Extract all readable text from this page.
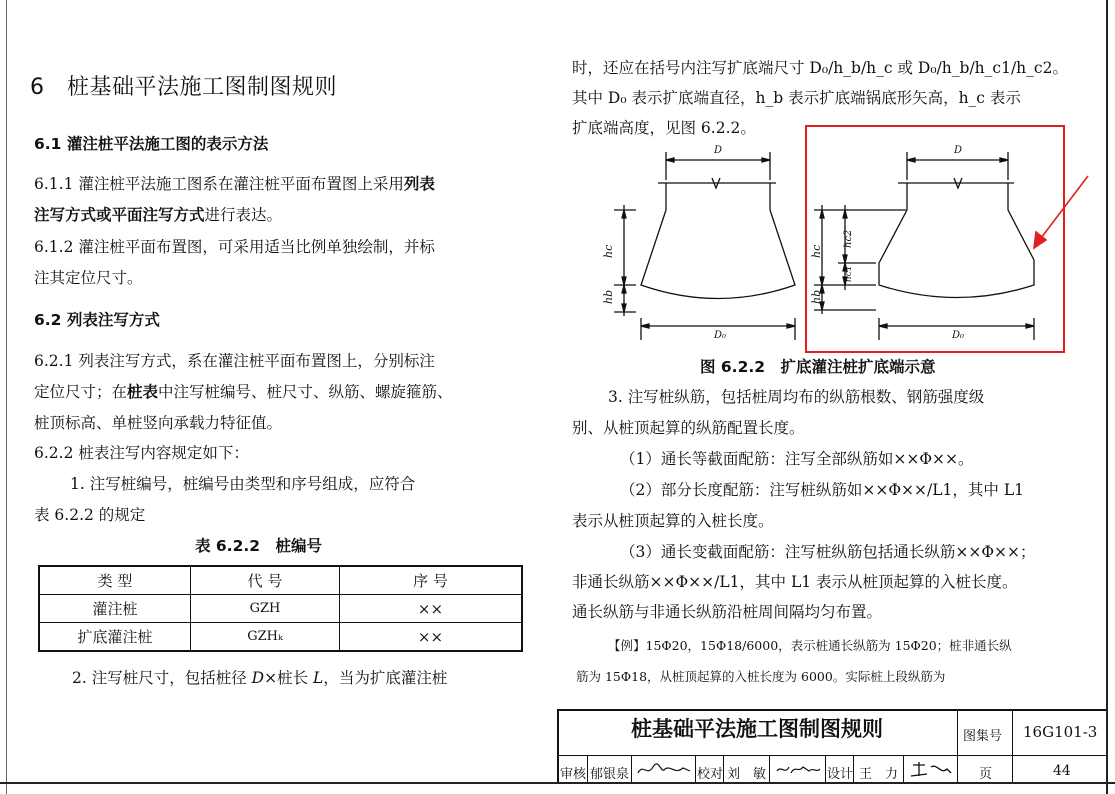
6　桩基础平法施工图制图规则
6.1 灌注桩平法施工图的表示方法
6.1.1 灌注桩平法施工图系在灌注桩平面布置图上采用列表
注写方式或平面注写方式进行表达。
6.1.2 灌注桩平面布置图，可采用适当比例单独绘制，并标
注其定位尺寸。
6.2 列表注写方式
6.2.1 列表注写方式，系在灌注桩平面布置图上，分别标注
定位尺寸；在桩表中注写桩编号、桩尺寸、纵筋、螺旋箍筋、
桩顶标高、单桩竖向承载力特征值。
6.2.2 桩表注写内容规定如下：
1. 注写桩编号，桩编号由类型和序号组成，应符合
表 6.2.2 的规定
表 6.2.2　桩编号
类 型	代 号	序 号
灌注桩	GZH	××
扩底灌注桩	GZHₖ	××
2. 注写桩尺寸，包括桩径 D×桩长 L，当为扩底灌注桩
时，还应在括号内注写扩底端尺寸 D₀/h_b/h_c 或 D₀/h_b/h_c1/h_c2。
其中 D₀ 表示扩底端直径，h_b 表示扩底端锅底形矢高，h_c 表示
扩底端高度，见图 6.2.2。
D	D
D₀	D₀
hc
hb
hc
hb
hc2
hc1
图 6.2.2　扩底灌注桩扩底端示意
3. 注写桩纵筋，包括桩周均布的纵筋根数、钢筋强度级
别、从桩顶起算的纵筋配置长度。
（1）通长等截面配筋：注写全部纵筋如××Φ××。
（2）部分长度配筋：注写桩纵筋如××Φ××/L1，其中 L1
表示从桩顶起算的入桩长度。
（3）通长变截面配筋：注写桩纵筋包括通长纵筋××Φ××；
非通长纵筋××Φ××/L1，其中 L1 表示从桩顶起算的入桩长度。
通长纵筋与非通长纵筋沿桩周间隔均匀布置。
【例】15Φ20，15Φ18/6000，表示桩通长纵筋为 15Φ20；桩非通长纵
筋为 15Φ18，从桩顶起算的入桩长度为 6000。实际桩上段纵筋为
桩基础平法施工图制图规则	图集号 16G101-3
审核 郁银泉	校对 刘　敏	设计 王　力	页	44
